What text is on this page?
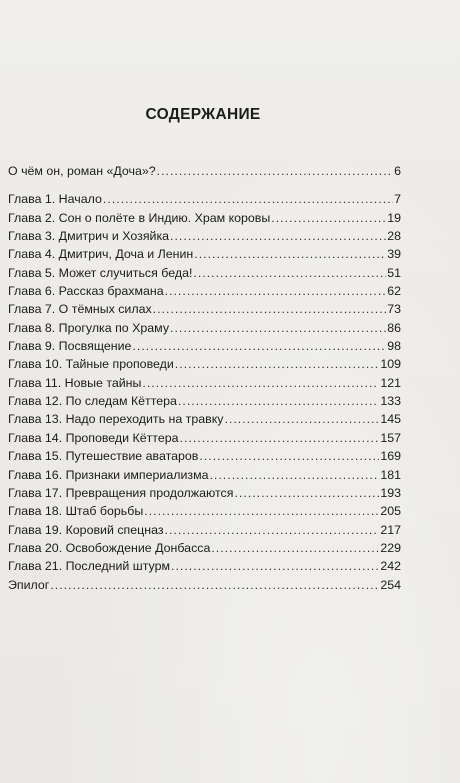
СОДЕРЖАНИЕ
О чём он, роман «Доча»? .....	6
Глава 1. Начало .....	7
Глава 2. Сон о полёте в Индию. Храм коровы .....	19
Глава 3. Дмитрич и Хозяйка .....	28
Глава 4. Дмитрич, Доча и Ленин .....	39
Глава 5. Может случиться беда! .....	51
Глава 6. Рассказ брахмана .....	62
Глава 7. О тёмных силах .....	73
Глава 8. Прогулка по Храму .....	86
Глава 9. Посвящение .....	98
Глава 10. Тайные проповеди .....	109
Глава 11. Новые тайны .....	121
Глава 12. По следам Кёттера .....	133
Глава 13. Надо переходить на травку .....	145
Глава 14. Проповеди Кёттера .....	157
Глава 15. Путешествие аватаров .....	169
Глава 16. Признаки империализма .....	181
Глава 17. Превращения продолжаются .....	193
Глава 18. Штаб борьбы .....	205
Глава 19. Коровий спецназ .....	217
Глава 20. Освобождение Донбасса .....	229
Глава 21. Последний штурм .....	242
Эпилог .....	254
